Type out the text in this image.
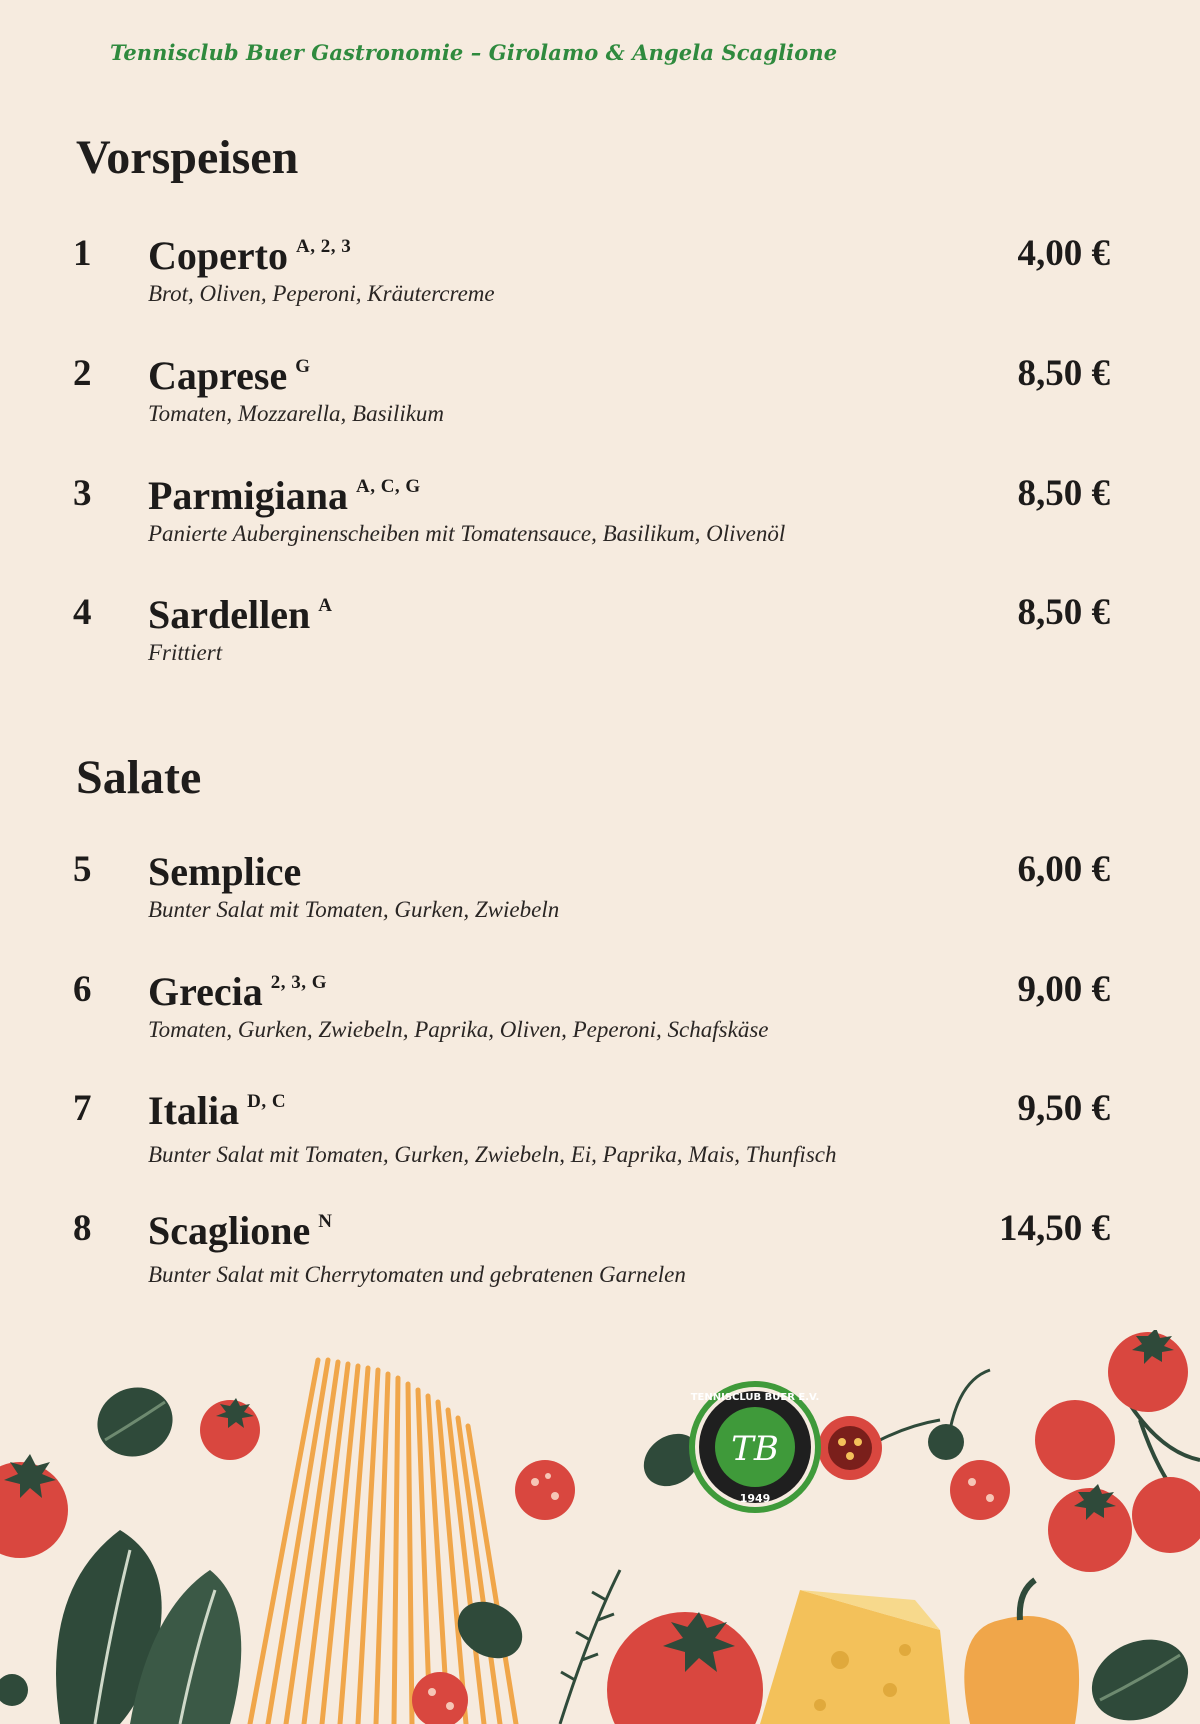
Tennisclub Buer Gastronomie – Girolamo & Angela Scaglione
Vorspeisen
1 Coperto $^{A, 2, 3}$
Brot, Oliven, Peperoni, Kräutercreme
4,00 €
2 Caprese $^G$
Tomaten, Mozzarella, Basilikum
8,50 €
3 Parmigiana $^{A, C, G}$
Panierte Auberginenscheiben mit Tomatensauce, Basilikum, Olivenöl
8,50 €
4 Sardellen $^A$
Frittiert
8,50 €
Salate
5 Semplice
Bunter Salat mit Tomaten, Gurken, Zwiebeln
6,00 €
6 Grecia $^{2, 3, G}$
Tomaten, Gurken, Zwiebeln, Paprika, Oliven, Peperoni, Schafskäse
9,00 €
7 Italia $^{D, C}$
Bunter Salat mit Tomaten, Gurken, Zwiebeln, Ei, Paprika, Mais, Thunfisch
9,50 €
8 Scaglione $^N$
Bunter Salat mit Cherrytomaten und gebratenen Garnelen
14,50 €
TENNISCLUB BUER E.V.
TB
1949
